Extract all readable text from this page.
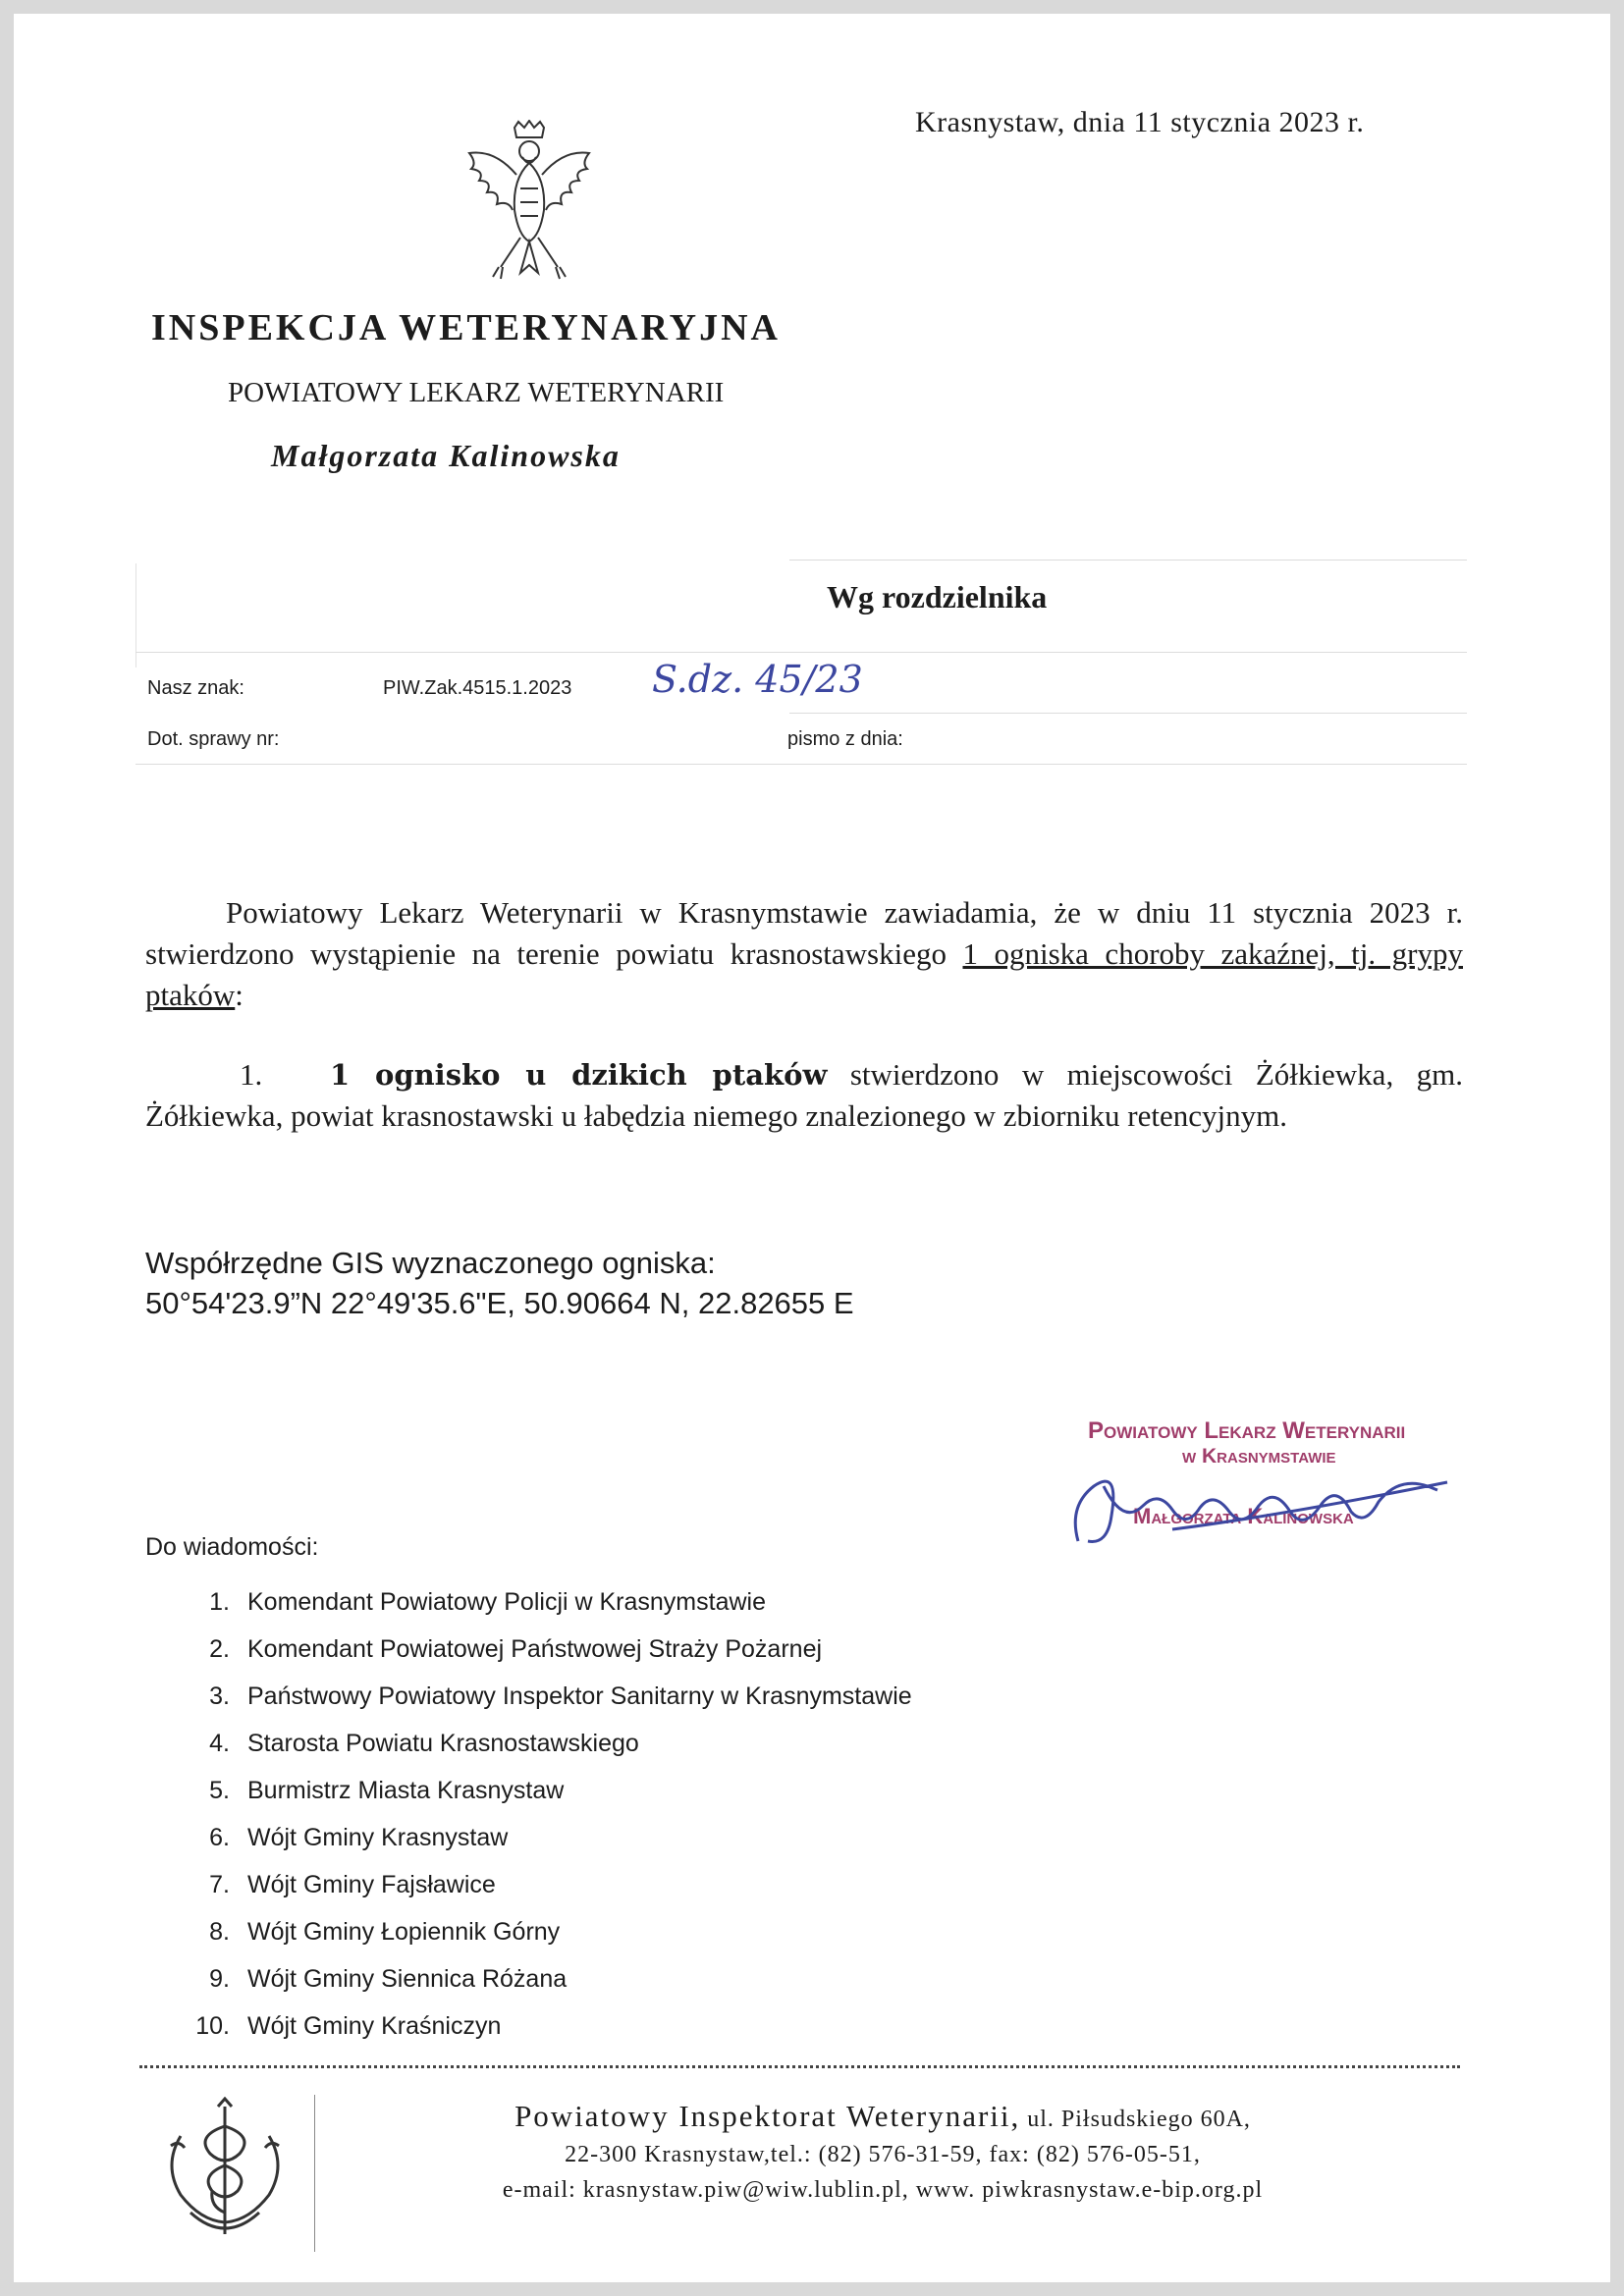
Krasnystaw, dnia 11 stycznia 2023 r.
INSPEKCJA WETERYNARYJNA
POWIATOWY LEKARZ WETERYNARII
Małgorzata Kalinowska
Wg rozdzielnika
Nasz znak:	PIW.Zak.4515.1.2023 S.dz. 45/23
Dot. sprawy nr:	pismo z dnia:
Powiatowy Lekarz Weterynarii w Krasnymstawie zawiadamia, że w dniu 11 stycznia 2023 r. stwierdzono wystąpienie na terenie powiatu krasnostawskiego 1 ogniska choroby zakaźnej, tj. grypy ptaków:
1. 1 ognisko u dzikich ptaków stwierdzono w miejscowości Żółkiewka, gm. Żółkiewka, powiat krasnostawski u łabędzia niemego znalezionego w zbiorniku retencyjnym.
Współrzędne GIS wyznaczonego ogniska:
50°54'23.9”N 22°49'35.6"E, 50.90664 N, 22.82655 E
Powiatowy Lekarz Weterynarii
w Krasnymstawie
Małgorzata Kalinowska
Do wiadomości:
1. Komendant Powiatowy Policji w Krasnymstawie
2. Komendant Powiatowej Państwowej Straży Pożarnej
3. Państwowy Powiatowy Inspektor Sanitarny w Krasnymstawie
4. Starosta Powiatu Krasnostawskiego
5. Burmistrz Miasta Krasnystaw
6. Wójt Gminy Krasnystaw
7. Wójt Gminy Fajsławice
8. Wójt Gminy Łopiennik Górny
9. Wójt Gminy Siennica Różana
10. Wójt Gminy Kraśniczyn
Powiatowy Inspektorat Weterynarii, ul. Piłsudskiego 60A,
22-300 Krasnystaw,tel.: (82) 576-31-59, fax: (82) 576-05-51,
e-mail: krasnystaw.piw@wiw.lublin.pl, www. piwkrasnystaw.e-bip.org.pl
